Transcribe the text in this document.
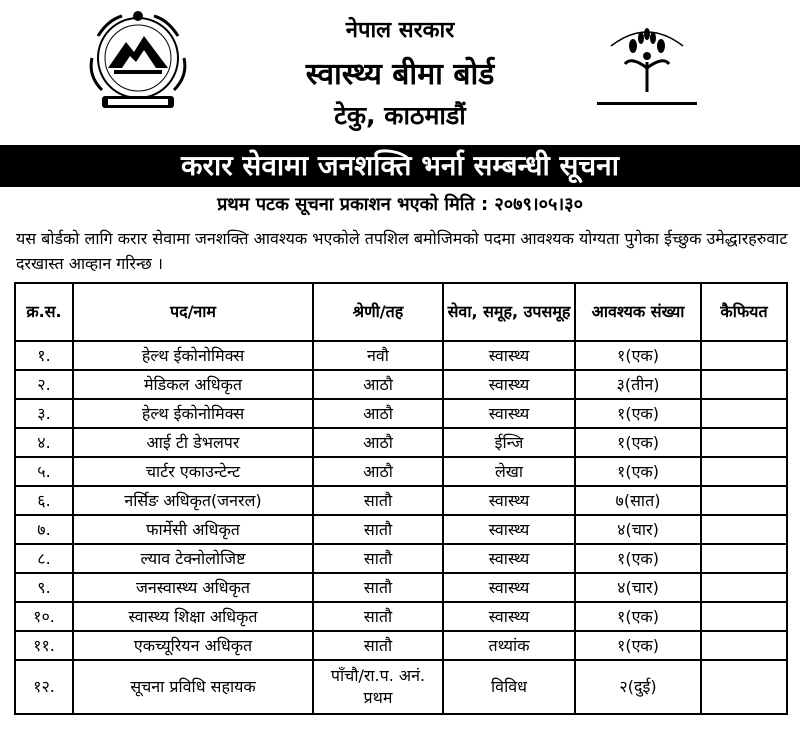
नेपाल सरकार
स्वास्थ्य बीमा बोर्ड
टेकु, काठमाडौं
करार सेवामा जनशक्ति भर्ना सम्बन्धी सूचना
प्रथम पटक सूचना प्रकाशन भएको मिति : २०७९।०५।३०
यस बोर्डको लागि करार सेवामा जनशक्ति आवश्यक भएकोले तपशिल बमोजिमको पदमा आवश्यक योग्यता पुगेका ईच्छुक उमेद्धारहरुवाट दरखास्त आव्हान गरिन्छ ।
क्र.स.	पद/नाम	श्रेणी/तह	सेवा, समूह, उपसमूह	आवश्यक संख्या	कैफियत
१.	हेल्थ ईकोनोमिक्स	नवौ	स्वास्थ्य	१(एक)	
२.	मेडिकल अधिकृत	आठौ	स्वास्थ्य	३(तीन)	
३.	हेल्थ ईकोनोमिक्स	आठौ	स्वास्थ्य	१(एक)	
४.	आई टी डेभलपर	आठौ	ईन्जि	१(एक)	
५.	चार्टर एकाउन्टेन्ट	आठौ	लेखा	१(एक)	
६.	नर्सिङ अधिकृत(जनरल)	सातौ	स्वास्थ्य	७(सात)	
७.	फार्मेसी अधिकृत	सातौ	स्वास्थ्य	४(चार)	
८.	ल्याव टेक्नोलोजिष्ट	सातौ	स्वास्थ्य	१(एक)	
९.	जनस्वास्थ्य अधिकृत	सातौ	स्वास्थ्य	४(चार)	
१०.	स्वास्थ्य शिक्षा अधिकृत	सातौ	स्वास्थ्य	१(एक)	
११.	एकच्यूरियन अधिकृत	सातौ	तथ्यांक	१(एक)	
१२.	सूचना प्रविधि सहायक	पाँचौ/रा.प. अनं. प्रथम	विविध	२(दुई)	
